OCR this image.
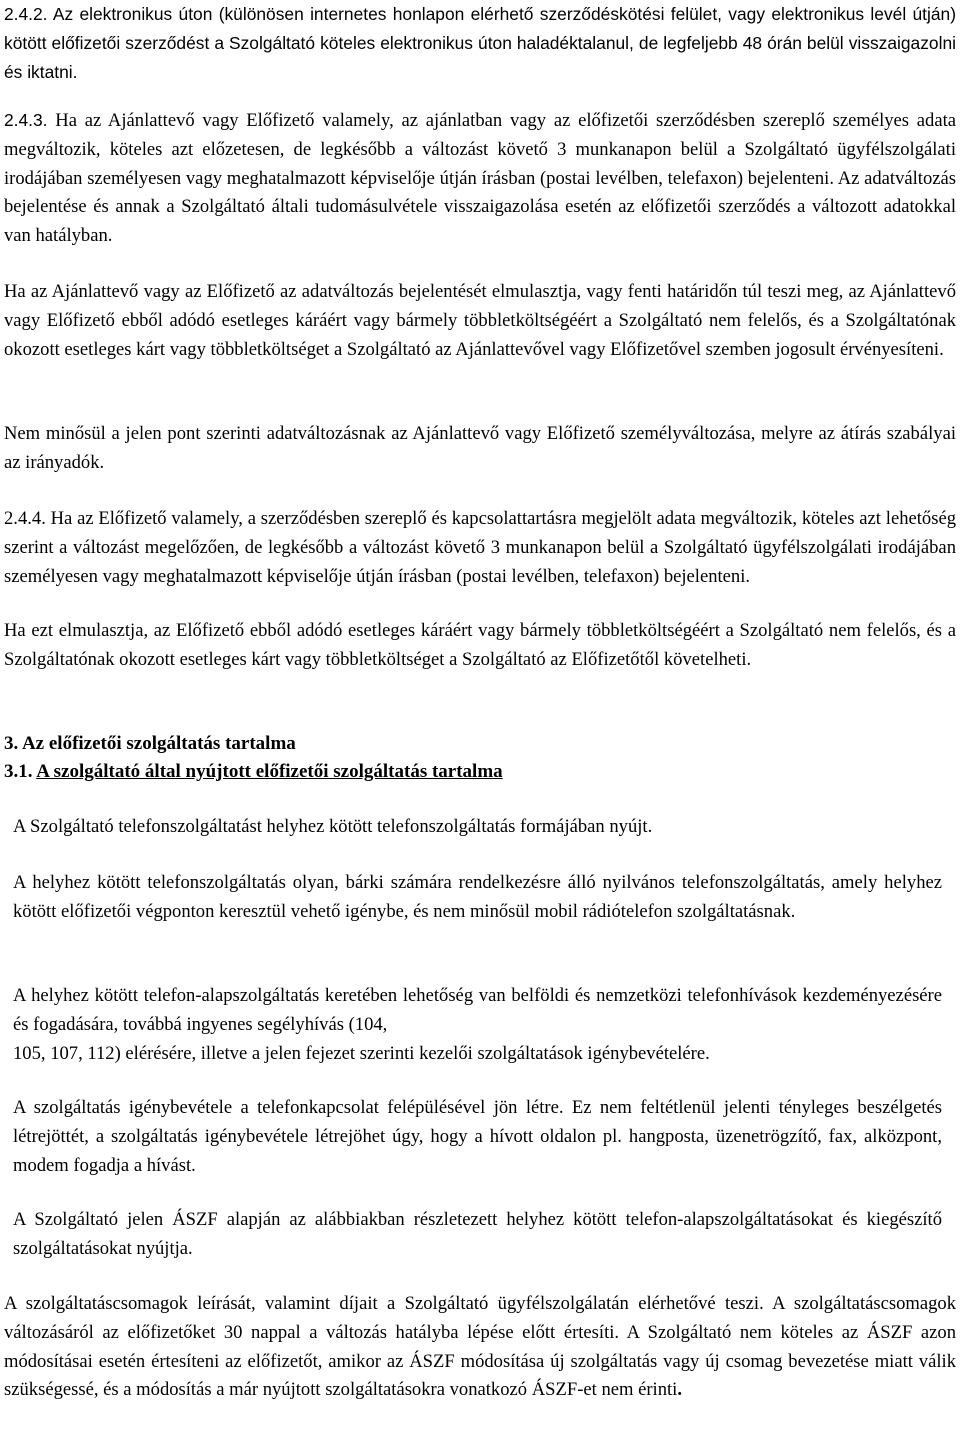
2.4.2. Az elektronikus úton (különösen internetes honlapon elérhető szerződéskötési felület, vagy elektronikus levél útján) kötött előfizetői szerződést a Szolgáltató köteles elektronikus úton haladéktalanul, de legfeljebb 48 órán belül visszaigazolni és iktatni.

2.4.3. Ha az Ajánlattevő vagy Előfizető valamely, az ajánlatban vagy az előfizetői szerződésben szereplő személyes adata megváltozik, köteles azt előzetesen, de legkésőbb a változást követő 3 munkanapon belül a Szolgáltató ügyfélszolgálati irodájában személyesen vagy meghatalmazott képviselője útján írásban (postai levélben, telefaxon) bejelenteni. Az adatváltozás bejelentése és annak a Szolgáltató általi tudomásulvétele visszaigazolása esetén az előfizetői szerződés a változott adatokkal van hatályban.

Ha az Ajánlattevő vagy az Előfizető az adatváltozás bejelentését elmulasztja, vagy fenti határidőn túl teszi meg, az Ajánlattevő vagy Előfizető ebből adódó esetleges káráért vagy bármely többletköltségéért a Szolgáltató nem felelős, és a Szolgáltatónak okozott esetleges kárt vagy többletköltséget a Szolgáltató az Ajánlattevővel vagy Előfizetővel szemben jogosult érvényesíteni.

Nem minősül a jelen pont szerinti adatváltozásnak az Ajánlattevő vagy Előfizető személyváltozása, melyre az átírás szabályai az irányadók.

2.4.4. Ha az Előfizető valamely, a szerződésben szereplő és kapcsolattartásra megjelölt adata megváltozik, köteles azt lehetőség szerint a változást megelőzően, de legkésőbb a változást követő 3 munkanapon belül a Szolgáltató ügyfélszolgálati irodájában személyesen vagy meghatalmazott képviselője útján írásban (postai levélben, telefaxon) bejelenteni.

Ha ezt elmulasztja, az Előfizető ebből adódó esetleges káráért vagy bármely többletköltségéért a Szolgáltató nem felelős, és a Szolgáltatónak okozott esetleges kárt vagy többletköltséget a Szolgáltató az Előfizetőtől követelheti.

3. Az előfizetői szolgáltatás tartalma
3.1. A szolgáltató által nyújtott előfizetői szolgáltatás tartalma

A Szolgáltató telefonszolgáltatást helyhez kötött telefonszolgáltatás formájában nyújt.

A helyhez kötött telefonszolgáltatás olyan, bárki számára rendelkezésre álló nyilvános telefonszolgáltatás, amely helyhez kötött előfizetői végponton keresztül vehető igénybe, és nem minősül mobil rádiótelefon szolgáltatásnak.

A helyhez kötött telefon-alapszolgáltatás keretében lehetőség van belföldi és nemzetközi telefonhívások kezdeményezésére és fogadására, továbbá ingyenes segélyhívás (104,
105, 107, 112) elérésére, illetve a jelen fejezet szerinti kezelői szolgáltatások igénybevételére.

A szolgáltatás igénybevétele a telefonkapcsolat felépülésével jön létre. Ez nem feltétlenül jelenti tényleges beszélgetés létrejöttét, a szolgáltatás igénybevétele létrejöhet úgy, hogy a hívott oldalon pl. hangposta, üzenetrögzítő, fax, alközpont, modem fogadja a hívást.

A Szolgáltató jelen ÁSZF alapján az alábbiakban részletezett helyhez kötött telefon-alapszolgáltatásokat és kiegészítő szolgáltatásokat nyújtja.

A szolgáltatáscsomagok leírását, valamint díjait a Szolgáltató ügyfélszolgálatán elérhetővé teszi. A szolgáltatáscsomagok változásáról az előfizetőket 30 nappal a változás hatályba lépése előtt értesíti. A Szolgáltató nem köteles az ÁSZF azon módosításai esetén értesíteni az előfizetőt, amikor az ÁSZF módosítása új szolgáltatás vagy új csomag bevezetése miatt válik szükségessé, és a módosítás a már nyújtott szolgáltatásokra vonatkozó ÁSZF-et nem érinti.
